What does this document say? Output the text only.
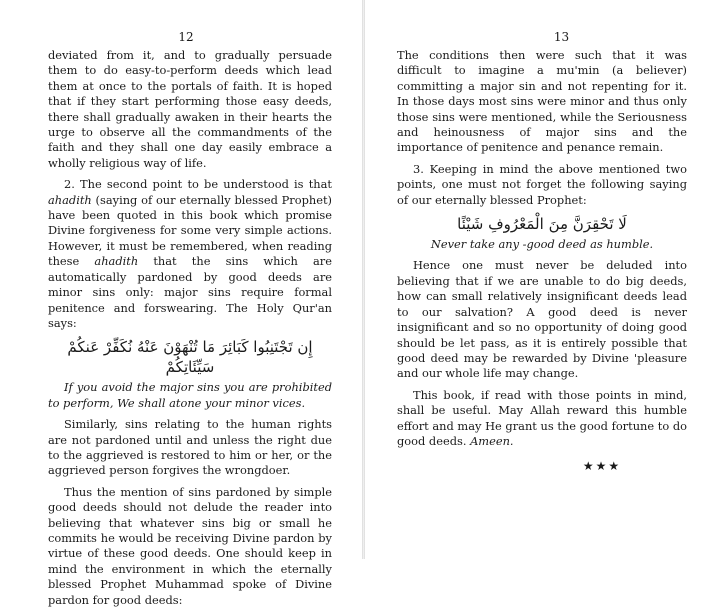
12

deviated from it, and to gradually persuade them to do easy-to-perform deeds which lead them at once to the portals of faith. It is hoped that if they start performing those easy deeds, there shall gradually awaken in their hearts the urge to observe all the commandments of the faith and they shall one day easily embrace a wholly religious way of life.

2. The second point to be understood is that ahadith (saying of our eternally blessed Prophet) have been quoted in this book which promise Divine forgiveness for some very simple actions. However, it must be remembered, when reading these ahadith that the sins which are automatically pardoned by good deeds are minor sins only: major sins require formal penitence and forswearing. The Holy Qur'an says:

إِن تَجْتَنِبُوا كَبَائِرَ مَا تُنْهَوْنَ عَنْهُ نُكَفِّرْ عَنكُمْ سَيِّئَاتِكُمْ

If you avoid the major sins you are prohibited to perform, We shall atone your minor vices.

Similarly, sins relating to the human rights are not pardoned until and unless the right due to the aggrieved is restored to him or her, or the aggrieved person forgives the wrongdoer.

Thus the mention of sins pardoned by simple good deeds should not delude the reader into believing that whatever sins big or small he commits he would be receiving Divine pardon by virtue of these good deeds. One should keep in mind the environment in which the eternally blessed Prophet Muhammad spoke of Divine pardon for good deeds:

13

The conditions then were such that it was difficult to imagine a mu'min (a believer) committing a major sin and not repenting for it. In those days most sins were minor and thus only those sins were mentioned, while the Seriousness and heinousness of major sins and the importance of penitence and penance remain.

3. Keeping in mind the above mentioned two points, one must not forget the following saying of our eternally blessed Prophet:

لَا تَحْقِرَنَّ مِنَ الْمَعْرُوفِ شَيْئًا

Never take any -good deed as humble.

Hence one must never be deluded into believing that if we are unable to do big deeds, how can small relatively insignificant deeds lead to our salvation? A good deed is never insignificant and so no opportunity of doing good should be let pass, as it is entirely possible that good deed may be rewarded by Divine 'pleasure and our whole life may change.

This book, if read with those points in mind, shall be useful. May Allah reward this humble effort and may He grant us the good fortune to do good deeds. Ameen.

★★★
